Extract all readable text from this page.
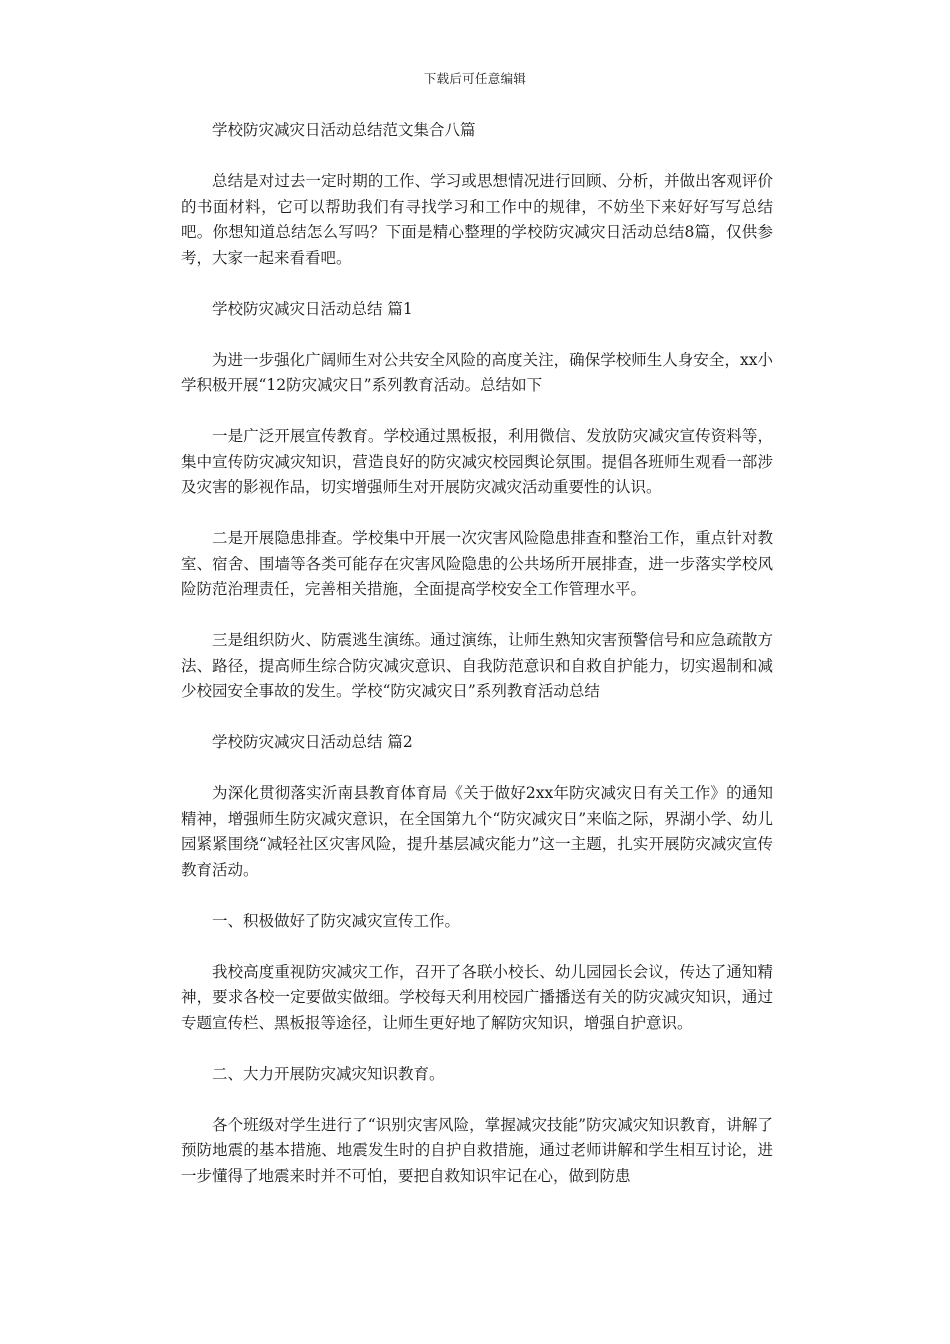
下载后可任意编辑

学校防灾减灾日活动总结范文集合八篇

总结是对过去一定时期的工作、学习或思想情况进行回顾、分析，并做出客观评价的书面材料，它可以帮助我们有寻找学习和工作中的规律，不妨坐下来好好写写总结吧。你想知道总结怎么写吗？下面是精心整理的学校防灾减灾日活动总结8篇，仅供参考，大家一起来看看吧。

学校防灾减灾日活动总结 篇1

为进一步强化广阔师生对公共安全风险的高度关注，确保学校师生人身安全，xx小学积极开展“12防灾减灾日”系列教育活动。总结如下

一是广泛开展宣传教育。学校通过黑板报，利用微信、发放防灾减灾宣传资料等，集中宣传防灾减灾知识，营造良好的防灾减灾校园舆论氛围。提倡各班师生观看一部涉及灾害的影视作品，切实增强师生对开展防灾减灾活动重要性的认识。

二是开展隐患排查。学校集中开展一次灾害风险隐患排查和整治工作，重点针对教室、宿舍、围墙等各类可能存在灾害风险隐患的公共场所开展排查，进一步落实学校风险防范治理责任，完善相关措施，全面提高学校安全工作管理水平。

三是组织防火、防震逃生演练。通过演练，让师生熟知灾害预警信号和应急疏散方法、路径，提高师生综合防灾减灾意识、自我防范意识和自救自护能力，切实遏制和减少校园安全事故的发生。学校“防灾减灾日”系列教育活动总结

学校防灾减灾日活动总结 篇2

为深化贯彻落实沂南县教育体育局《关于做好2xx年防灾减灾日有关工作》的通知精神，增强师生防灾减灾意识，在全国第九个“防灾减灾日”来临之际，界湖小学、幼儿园紧紧围绕“减轻社区灾害风险，提升基层减灾能力”这一主题，扎实开展防灾减灾宣传教育活动。

一、积极做好了防灾减灾宣传工作。

我校高度重视防灾减灾工作，召开了各联小校长、幼儿园园长会议，传达了通知精神，要求各校一定要做实做细。学校每天利用校园广播播送有关的防灾减灾知识，通过专题宣传栏、黑板报等途径，让师生更好地了解防灾知识，增强自护意识。

二、大力开展防灾减灾知识教育。

各个班级对学生进行了“识别灾害风险，掌握减灾技能”防灾减灾知识教育，讲解了预防地震的基本措施、地震发生时的自护自救措施，通过老师讲解和学生相互讨论，进一步懂得了地震来时并不可怕，要把自救知识牢记在心，做到防患
